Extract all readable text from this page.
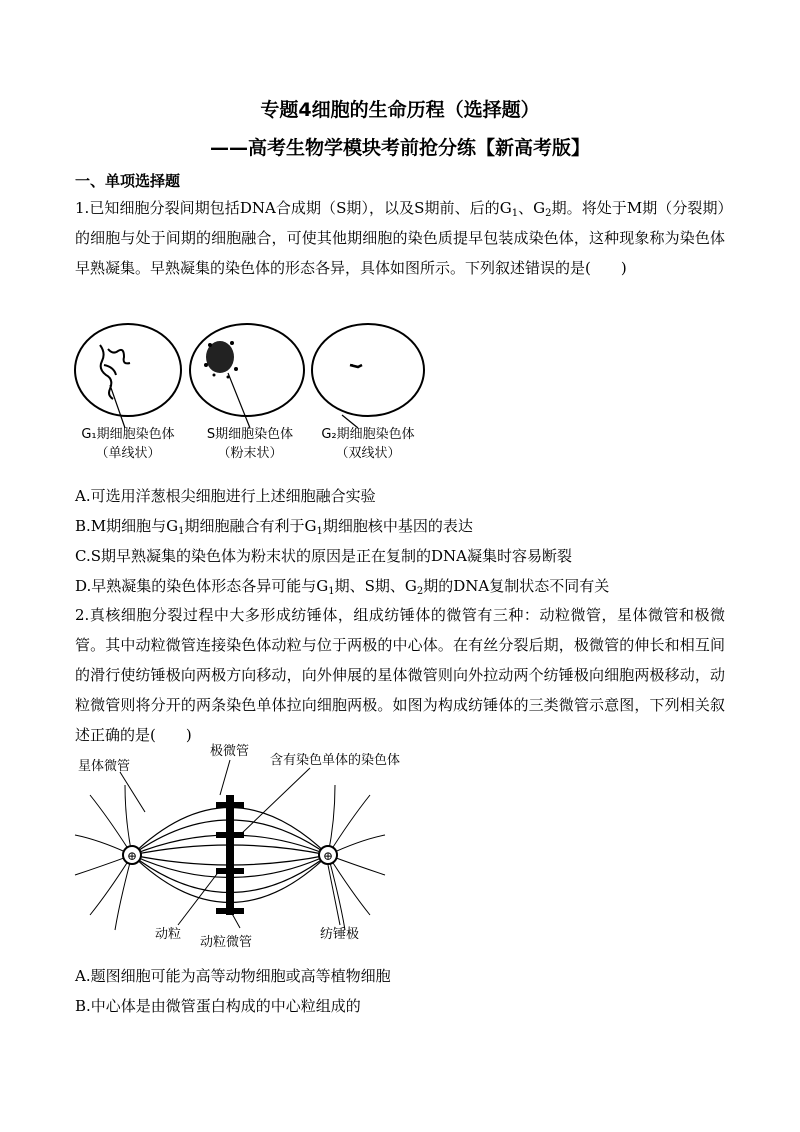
专题4细胞的生命历程（选择题）
——高考生物学模块考前抢分练【新高考版】
一、单项选择题
1.已知细胞分裂间期包括DNA合成期（S期），以及S期前、后的$G_1$、$G_2$期。将处于M期（分裂期）的细胞与处于间期的细胞融合，可使其他期细胞的染色质提早包装成染色体，这种现象称为染色体早熟凝集。早熟凝集的染色体的形态各异，具体如图所示。下列叙述错误的是(　　)
G₁期细胞染色体
（单线状）
S期细胞染色体
（粉末状）
G₂期细胞染色体
（双线状）
A.可选用洋葱根尖细胞进行上述细胞融合实验
B.M期细胞与$G_1$期细胞融合有利于$G_1$期细胞核中基因的表达
C.S期早熟凝集的染色体为粉末状的原因是正在复制的DNA凝集时容易断裂
D.早熟凝集的染色体形态各异可能与$G_1$期、S期、$G_2$期的DNA复制状态不同有关
2.真核细胞分裂过程中大多形成纺锤体，组成纺锤体的微管有三种：动粒微管，星体微管和极微管。其中动粒微管连接染色体动粒与位于两极的中心体。在有丝分裂后期，极微管的伸长和相互间的滑行使纺锤极向两极方向移动，向外伸展的星体微管则向外拉动两个纺锤极向细胞两极移动，动粒微管则将分开的两条染色单体拉向细胞两极。如图为构成纺锤体的三类微管示意图，下列相关叙述正确的是(　　)
⊕	⊕
星体微管
极微管
含有染色单体的染色体
动粒
动粒微管
纺锤极
A.题图细胞可能为高等动物细胞或高等植物细胞
B.中心体是由微管蛋白构成的中心粒组成的
